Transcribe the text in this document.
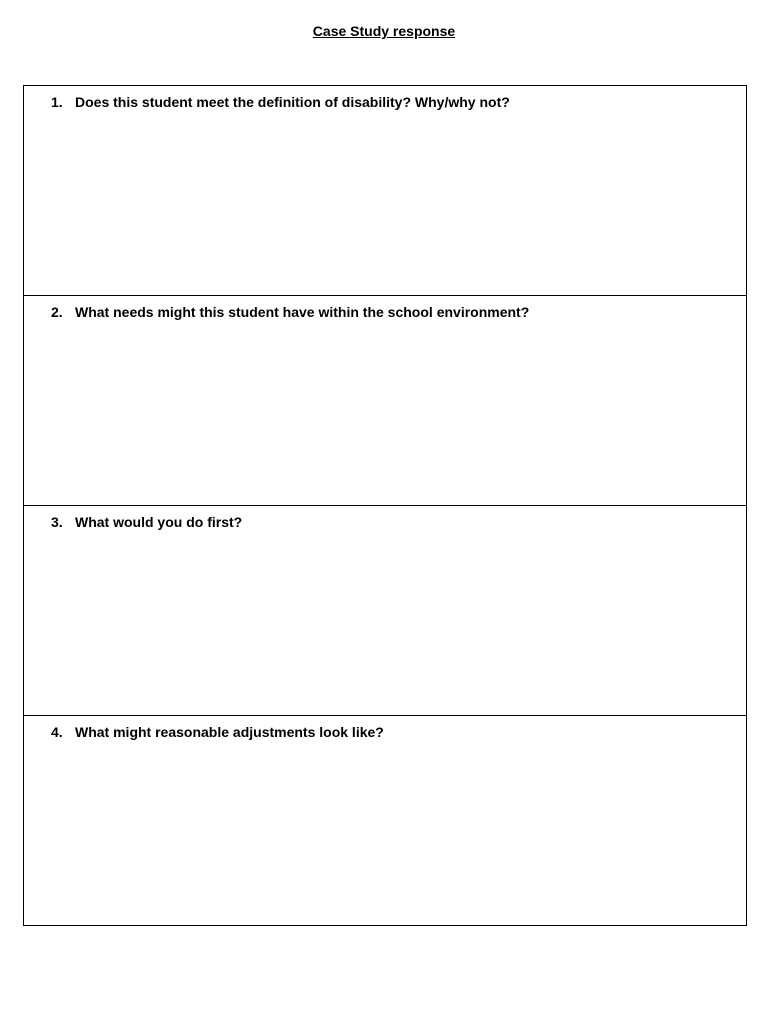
Case Study response
1. Does this student meet the definition of disability? Why/why not?
2. What needs might this student have within the school environment?
3. What would you do first?
4. What might reasonable adjustments look like?
